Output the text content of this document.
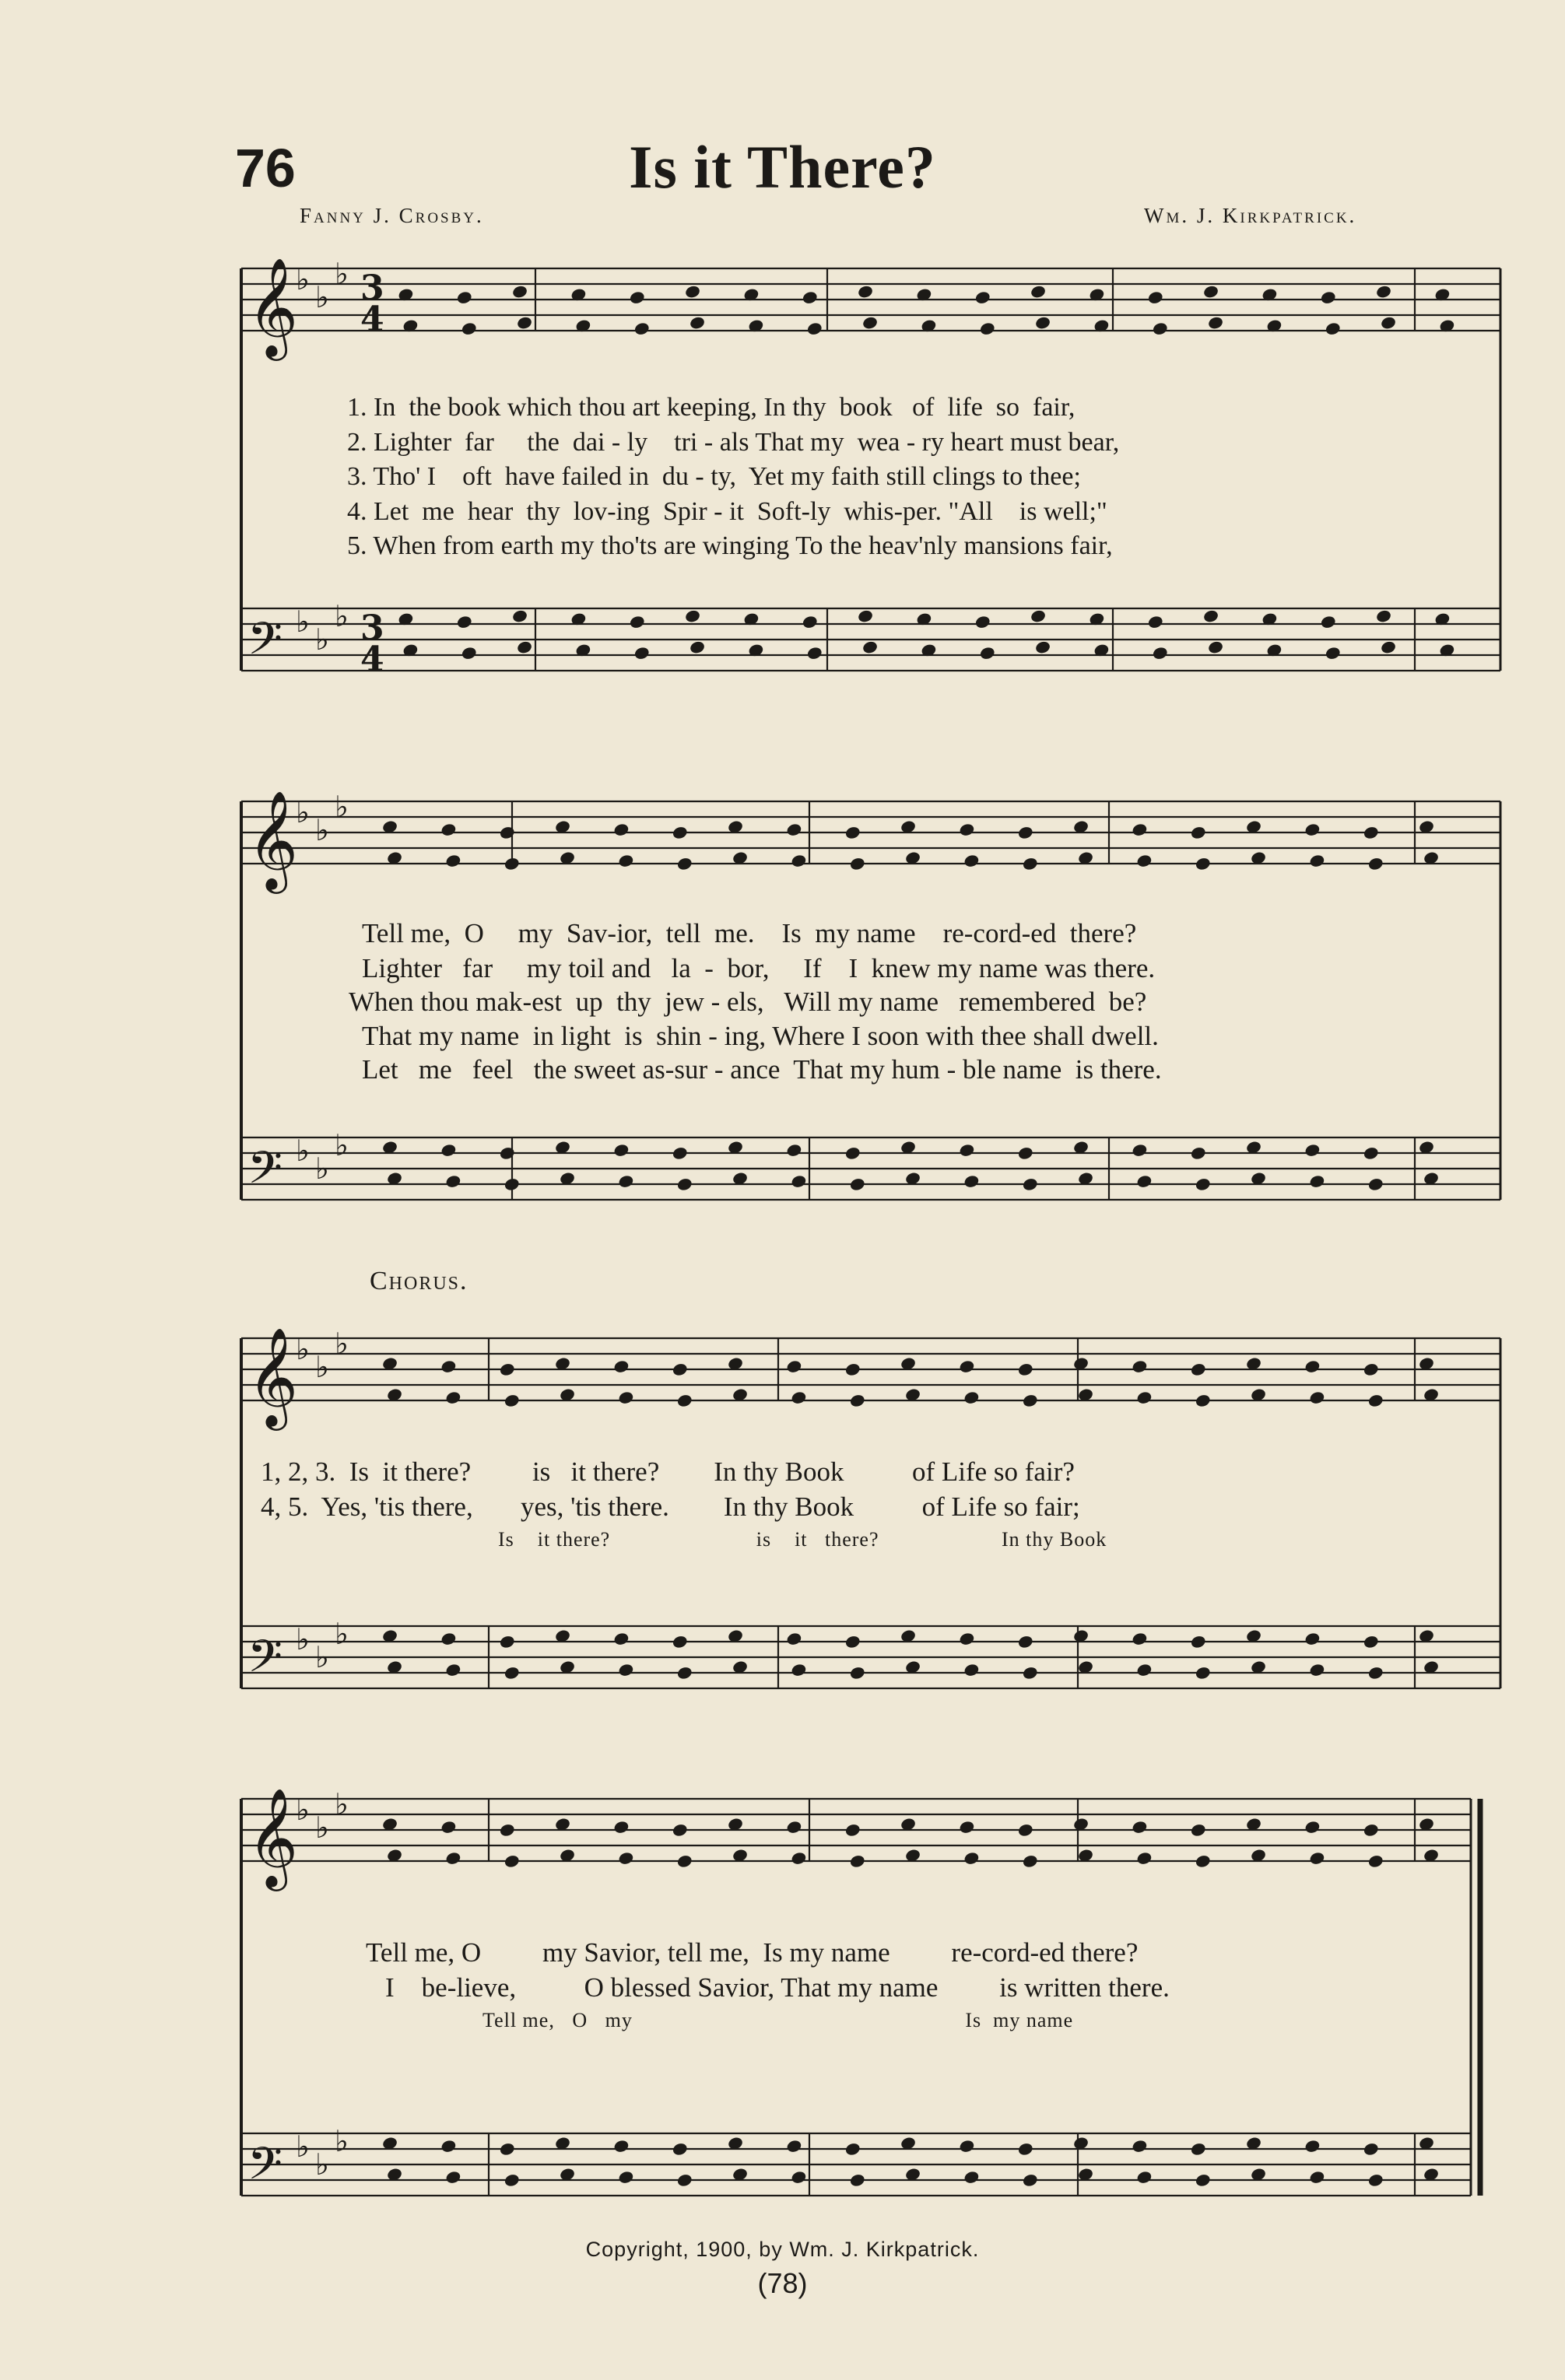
76	Is it There?
Fanny J. Crosby.	Wm. J. Kirkpatrick.
𝄞
𝄢
𝄞
𝄢
𝄞
𝄢
𝄞
𝄢
♭
♭
♭
♭
♭
♭
♭
♭
♭
♭
♭
♭
♭
♭
♭
♭
♭
♭
♭
♭
♭
♭
♭
♭
3
4
3
4
1. In  the book which thou art keeping, In thy  book   of  life  so  fair,
2. Lighter  far     the  dai - ly    tri - als That my  wea - ry heart must bear,
3. Tho' I    oft  have failed in  du - ty,  Yet my faith still clings to thee;
4. Let  me  hear  thy  lov-ing  Spir - it  Soft-ly  whis-per. "All    is well;"
5. When from earth my tho'ts are winging To the heav'nly mansions fair,
Tell me,  O     my  Sav-ior,  tell  me.    Is  my name    re-cord-ed  there?
Lighter   far     my toil and   la  -  bor,     If    I  knew my name was there.
When thou mak-est  up  thy  jew - els,   Will my name   remembered  be?
That my name  in light  is  shin - ing, Where I soon with thee shall dwell.
Let   me   feel   the sweet as-sur - ance  That my hum - ble name  is there.
Chorus.
1, 2, 3.  Is  it there?         is   it there?        In thy Book          of Life so fair?
4, 5.  Yes, 'tis there,       yes, 'tis there.        In thy Book          of Life so fair;
Is    it there?                         is    it   there?                     In thy Book
Tell me, O         my Savior, tell me,  Is my name         re-cord-ed there?
I    be-lieve,          O blessed Savior, That my name         is written there.
Tell me,   O   my                                                         Is  my name
Copyright, 1900, by Wm. J. Kirkpatrick.
(78)
